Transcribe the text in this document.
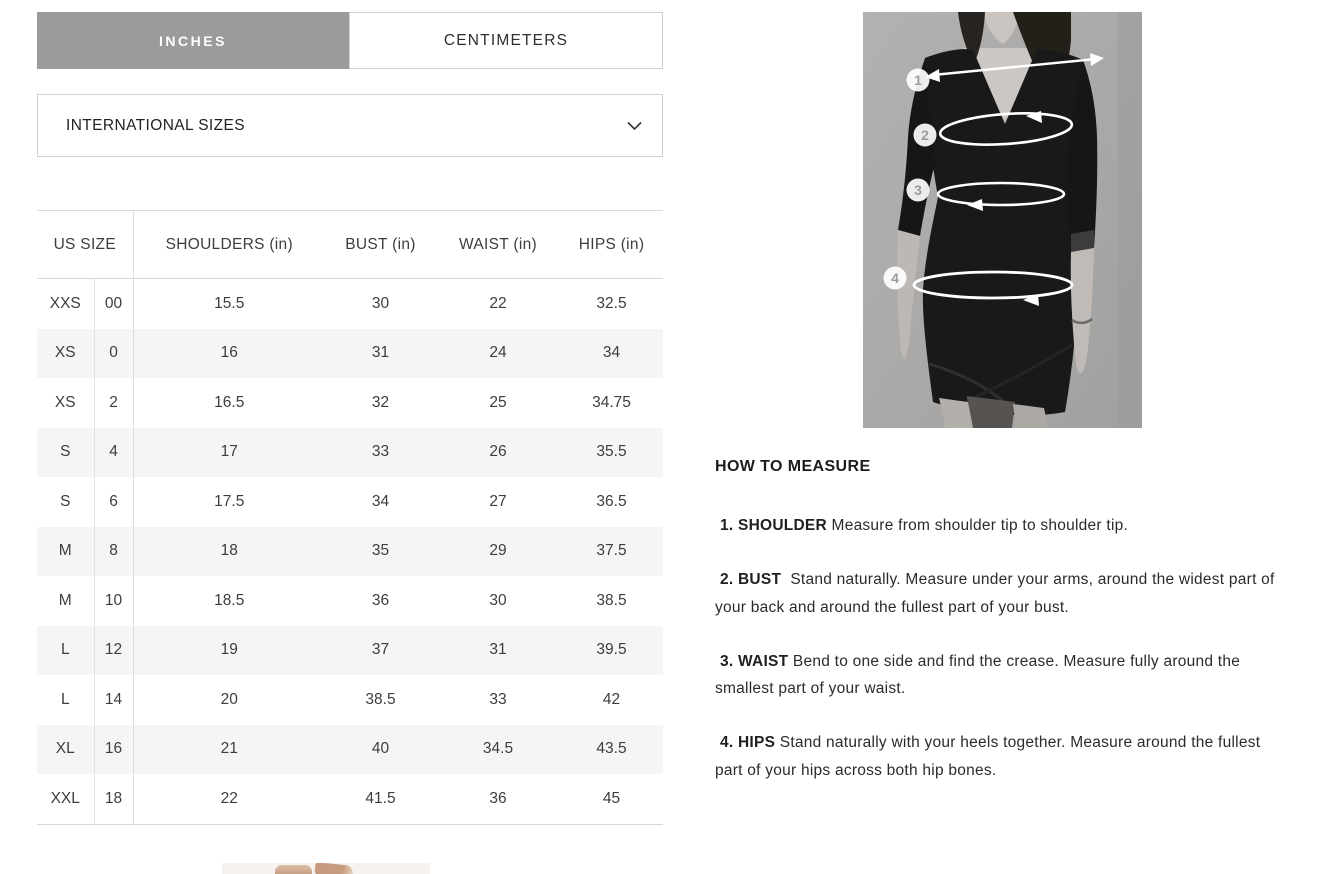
INCHES	CENTIMETERS
INTERNATIONAL SIZES
US SIZE		SHOULDERS (in)	BUST (in)	WAIST (in)	HIPS (in)
XXS	00	15.5	30	22	32.5
XS	0	16	31	24	34
XS	2	16.5	32	25	34.75
S	4	17	33	26	35.5
S	6	17.5	34	27	36.5
M	8	18	35	29	37.5
M	10	18.5	36	30	38.5
L	12	19	37	31	39.5
L	14	20	38.5	33	42
XL	16	21	40	34.5	43.5
XXL	18	22	41.5	36	45
1
2
3
4
HOW TO MEASURE

1. SHOULDER Measure from shoulder tip to shoulder tip.

2. BUST Stand naturally. Measure under your arms, around the widest part of your back and around the fullest part of your bust.

3. WAIST Bend to one side and find the crease. Measure fully around the smallest part of your waist.

4. HIPS Stand naturally with your heels together. Measure around the fullest part of your hips across both hip bones.
